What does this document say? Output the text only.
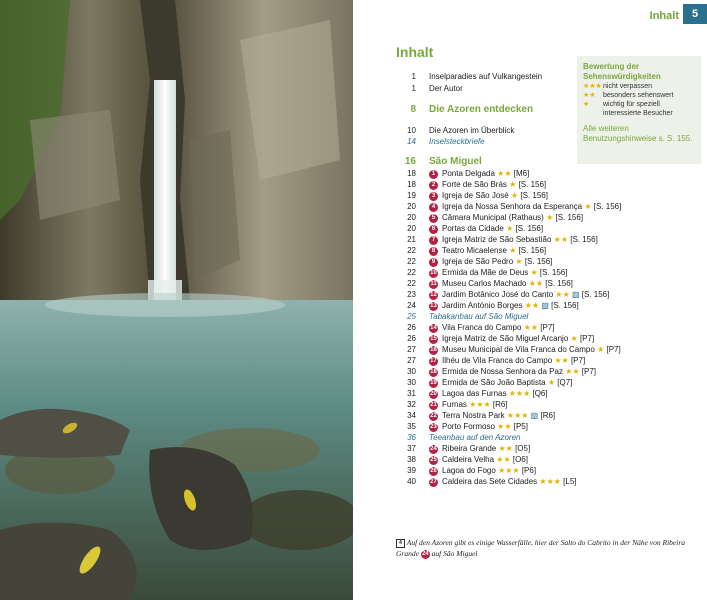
Inhalt	5
Inhalt
1 Inselparadies auf Vulkangestein
1 Der Autor
8 Die Azoren entdecken
10 Die Azoren im Überblick
14 Inselsteckbriefe
16 São Miguel
18	1 Ponta Delgada ★★ [M6]
18	2 Forte de São Brás ★ [S. 156]
19	3 Igreja de São José ★ [S. 156]
20	4 Igreja da Nossa Senhora da Esperança ★ [S. 156]
20	5 Câmara Municipal (Rathaus) ★ [S. 156]
20	6 Portas da Cidade ★ [S. 156]
21	7 Igreja Matriz de São Sebastião ★★ [S. 156]
22	8 Teatro Micaelense ★ [S. 156]
22	9 Igreja de São Pedro ★ [S. 156]
22 10 Ermida da Mãe de Deus ★ [S. 156]
22 11 Museu Carlos Machado ★★ [S. 156]
23 12 Jardim Botânico José do Canto ★★ ▨ [S. 156]
24 13 Jardim António Borges ★★ ▨ [S. 156]
25 Tabakanbau auf São Miguel
26 14 Vila Franca do Campo ★★ [P7]
26 15 Igreja Matriz de São Miguel Arcanjo ★ [P7]
27 16 Museu Municipal de Vila Franca do Campo ★ [P7]
27 17 Ilhéu de Vila Franca do Campo ★★ [P7]
30 18 Ermida de Nossa Senhora da Paz ★★ [P7]
30 19 Ermida de São João Baptista ★ [Q7]
31 20 Lagoa das Furnas ★★★ [Q6]
32 21 Furnas ★★★ [R6]
34 22 Terra Nostra Park ★★★ ▨ [R6]
35 23 Porto Formoso ★★ [P5]
36 Teeanbau auf den Azoren
37 24 Ribeira Grande ★★ [O5]
38 25 Caldeira Velha ★★ [O6]
39 26 Lagoa do Fogo ★★★ [P6]
40 27 Caldeira das Sete Cidades ★★★ [L5]
Bewertung der Sehenswürdigkeiten
★★★ nicht verpassen
★★ besonders sehenswert
★ wichtig für speziell interessierte Besucher
Alle weiteren Benutzungshinweise s. S. 155.
4 Auf den Azoren gibt es einige Wasserfälle, hier der Salto do Cabrito in der Nähe von Ribeira Grande 24 auf São Miguel
